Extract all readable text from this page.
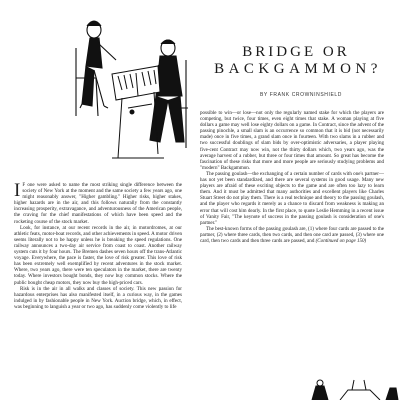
BRIDGE OR
BACKGAMMON?
BY FRANK CROWNINSHIELD

I F one were asked to name the most striking single difference between the society of New York at the moment and the same society a few years ago, one might reasonably answer, "Higher gambling." Higher risks, higher stakes, higher hazards are in the air, and this follows naturally from the constantly increasing prosperity, extravagance, and adventurousness of the American people, the craving for the chief manifestations of which have been speed and the rocketing course of the stock market.

Look, for instance, at our recent records in the air, in motordromes, at our athletic feats, motor-boat records, and other achievements in speed. A motor driven seems literally not to be happy unless he is breaking the speed regulations. One railway announces a two-day air service from coast to coast. Another railway system cuts it by four hours. The Bremen dashes seven hours off the trans-Atlantic voyage. Everywhere, the pace is faster, the love of risk greater. This love of risk has been extremely well exemplified by recent adventures in the stock market. Where, two years ago, there were ten speculators in the market, there are twenty today. Where investors bought bonds, they now buy common stocks. Where the public bought cheap motors, they now buy the high-priced cars.

Risk is in the air in all walks and classes of society. This new passion for hazardous enterprises has also manifested itself, in a curious way, in the games indulged in by fashionable people in New York. Auction bridge, which, in effect, was beginning to languish a year or two ago, has suddenly come violently to life

possible to win—or lose—not only the regularly named stake for which the players are competing, but twice, four times, even eight times that stake. A woman playing at five dollars a game may well lose eighty dollars on a game. In Contract, since the advent of the passing pinochle, a small slam is an occurrence so common that it is bid (not necessarily made) once in five times, a grand slam once in fourteen. With two slams in a rubber and two successful doublings of slam bids by over-optimistic adversaries, a player playing five-cent Contract may now win, not the thirty dollars which, two years ago, was the average harvest of a rubber, but three or four times that amount. So great has become the fascination of these risks that more and more people are seriously studying problems and "modern" Backgammon.

The passing goulash—the exchanging of a certain number of cards with one's partner—has not yet been standardized, and there are several systems in good usage. Many new players are afraid of these exciting objects to the game and are often too lazy to learn them. And it must be admitted that many authorities and excellent players like Charles Stuart Street do not play them. There is a real technique and theory to the passing goulash, and the player who regards it merely as a chance to discard from weakness is making an error that will cost him dearly. In the first place, to quote Leslie Hemming in a recent issue of Vanity Fair, "The keynote of success in the passing goulash is consideration of one's partner."

The best-known forms of the passing goulash are, (1) where four cards are passed to the partner, (2) where three cards, then two cards, and then one card are passed, (3) where one card, then two cards and then three cards are passed, and (Continued on page 150)
